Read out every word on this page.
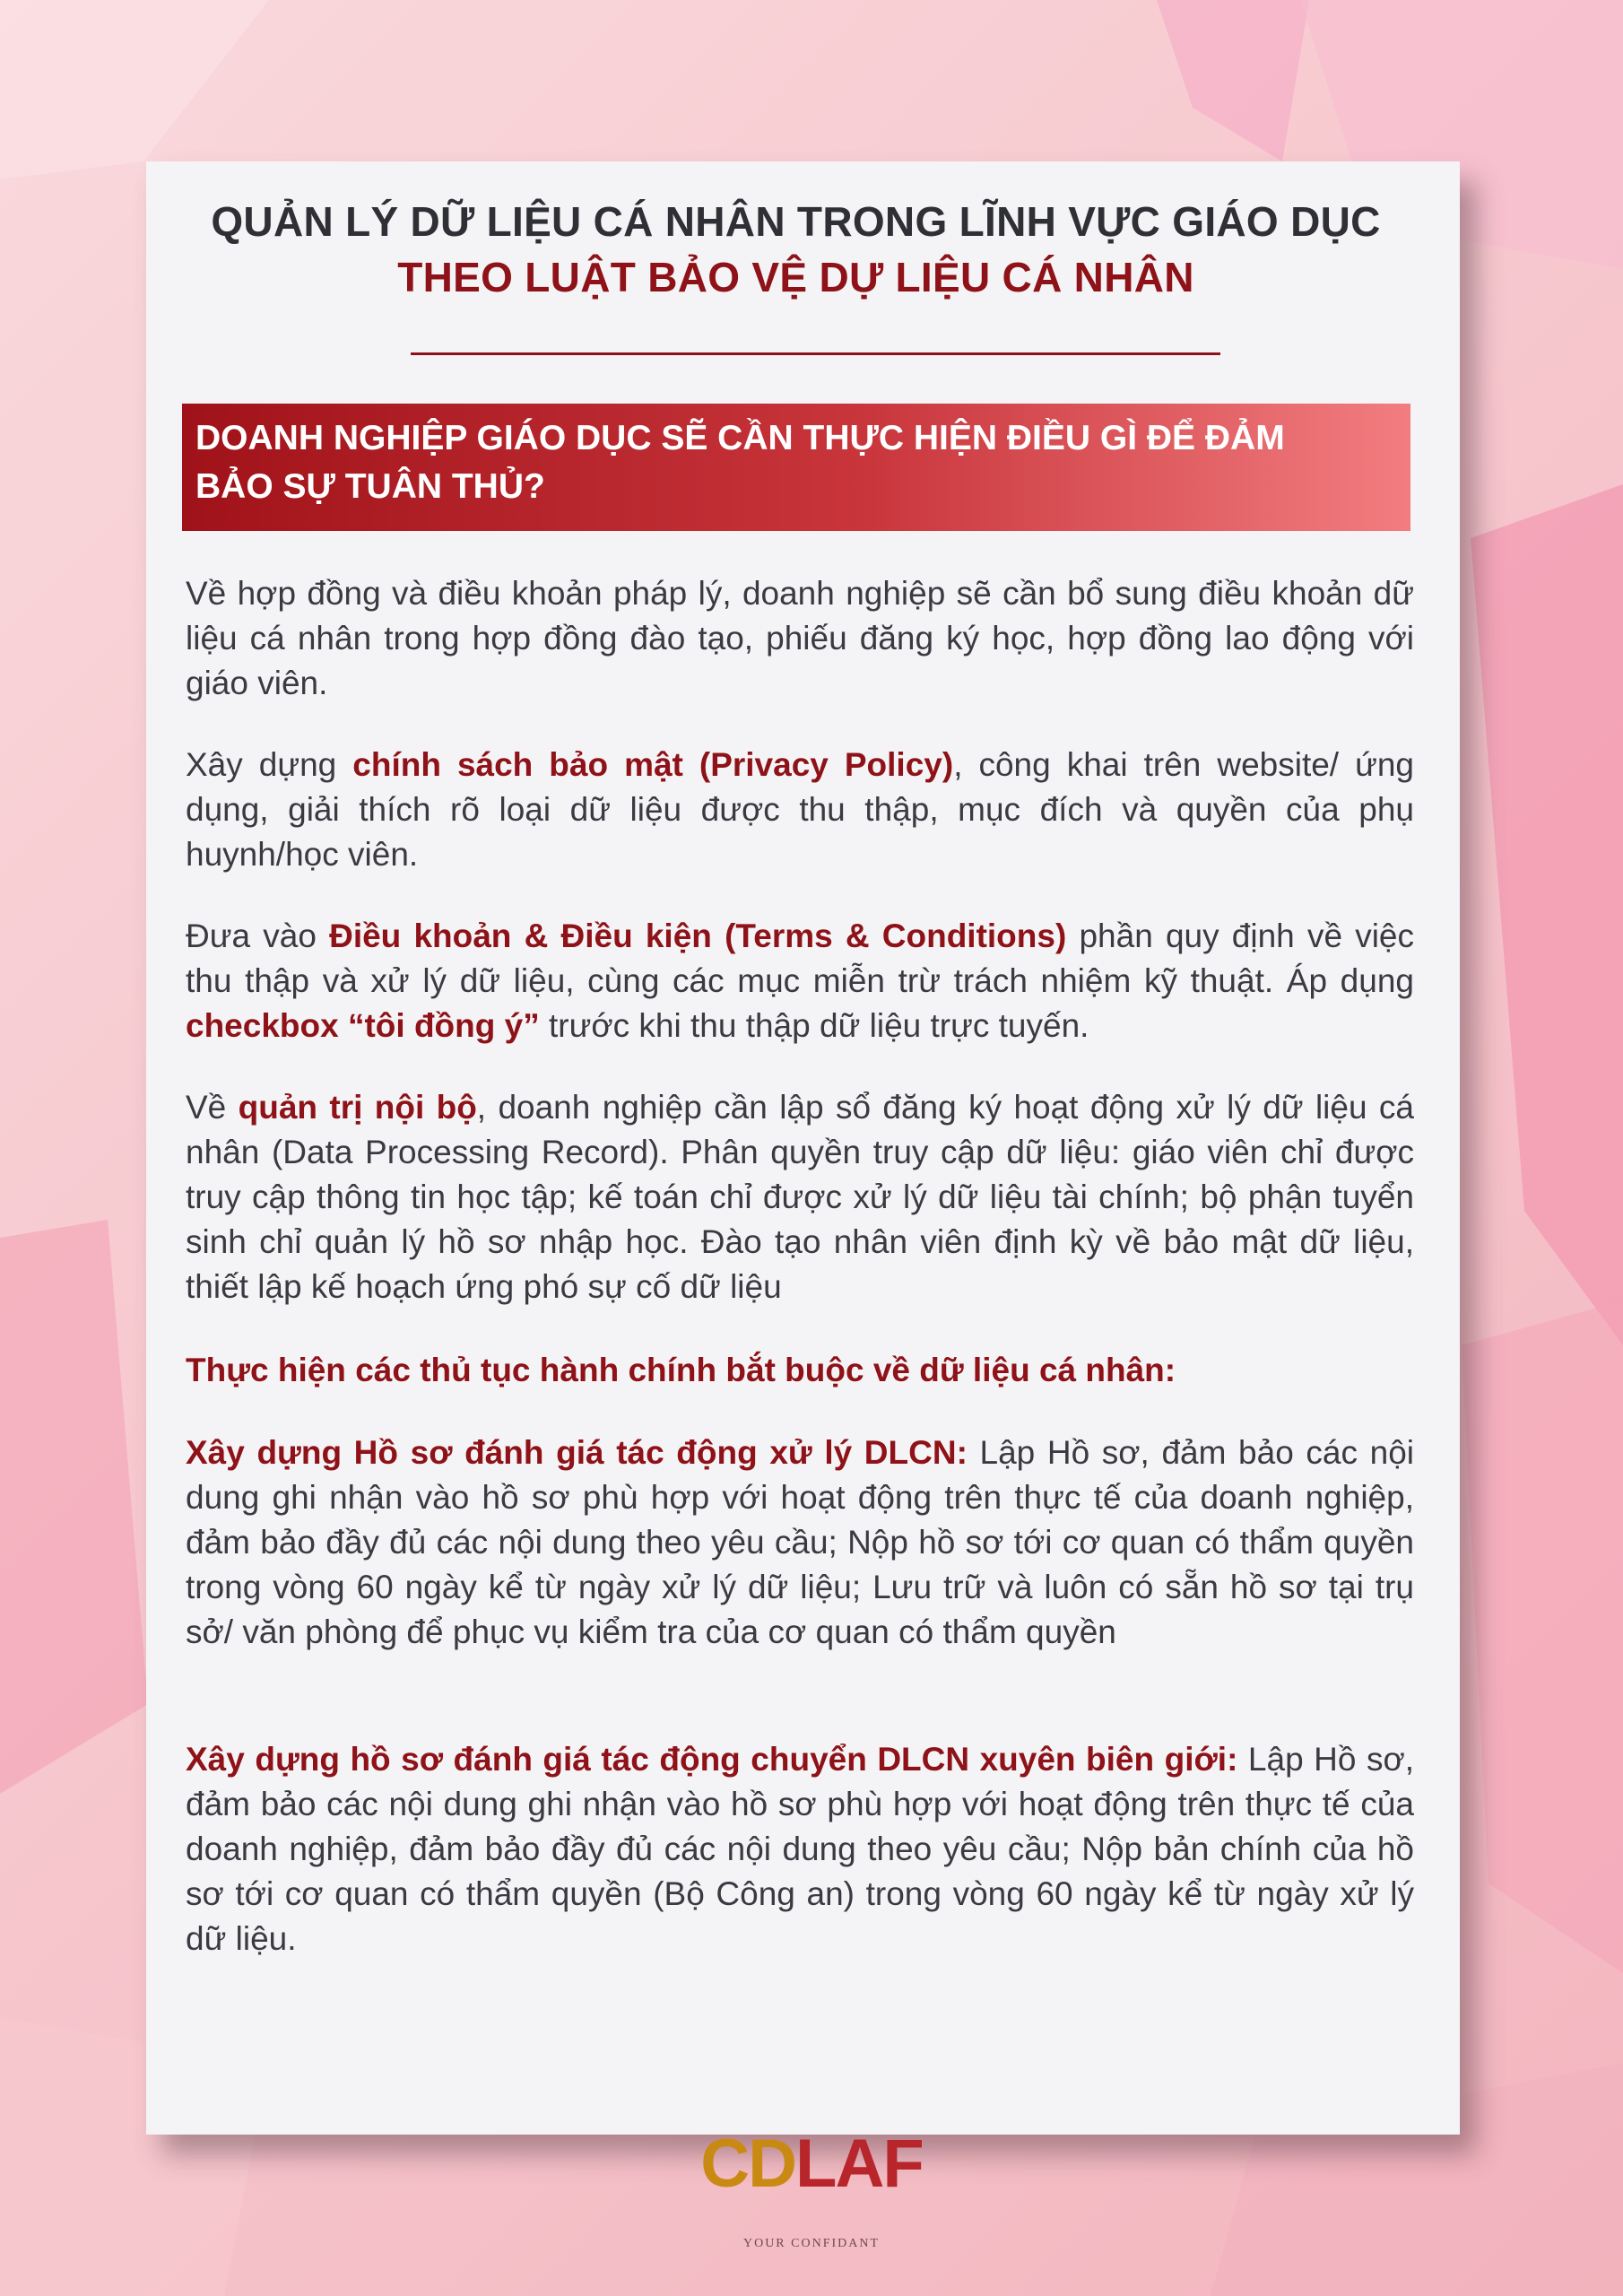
QUẢN LÝ DỮ LIỆU CÁ NHÂN TRONG LĨNH VỰC GIÁO DỤC
THEO LUẬT BẢO VỆ DỰ LIỆU CÁ NHÂN
DOANH NGHIỆP GIÁO DỤC SẼ CẦN THỰC HIỆN ĐIỀU GÌ ĐỂ ĐẢM
BẢO SỰ TUÂN THỦ?
Về hợp đồng và điều khoản pháp lý, doanh nghiệp sẽ cần bổ sung điều khoản dữ liệu cá nhân trong hợp đồng đào tạo, phiếu đăng ký học, hợp đồng lao động với giáo viên.
Xây dựng chính sách bảo mật (Privacy Policy), công khai trên website/ ứng dụng, giải thích rõ loại dữ liệu được thu thập, mục đích và quyền của phụ huynh/học viên.
Đưa vào Điều khoản & Điều kiện (Terms & Conditions) phần quy định về việc thu thập và xử lý dữ liệu, cùng các mục miễn trừ trách nhiệm kỹ thuật. Áp dụng checkbox “tôi đồng ý” trước khi thu thập dữ liệu trực tuyến.
Về quản trị nội bộ, doanh nghiệp cần lập sổ đăng ký hoạt động xử lý dữ liệu cá nhân (Data Processing Record). Phân quyền truy cập dữ liệu: giáo viên chỉ được truy cập thông tin học tập; kế toán chỉ được xử lý dữ liệu tài chính; bộ phận tuyển sinh chỉ quản lý hồ sơ nhập học. Đào tạo nhân viên định kỳ về bảo mật dữ liệu, thiết lập kế hoạch ứng phó sự cố dữ liệu
Thực hiện các thủ tục hành chính bắt buộc về dữ liệu cá nhân:
Xây dựng Hồ sơ đánh giá tác động xử lý DLCN: Lập Hồ sơ, đảm bảo các nội dung ghi nhận vào hồ sơ phù hợp với hoạt động trên thực tế của doanh nghiệp, đảm bảo đầy đủ các nội dung theo yêu cầu; Nộp hồ sơ tới cơ quan có thẩm quyền trong vòng 60 ngày kể từ ngày xử lý dữ liệu; Lưu trữ và luôn có sẵn hồ sơ tại trụ sở/ văn phòng để phục vụ kiểm tra của cơ quan có thẩm quyền
Xây dựng hồ sơ đánh giá tác động chuyển DLCN xuyên biên giới: Lập Hồ sơ, đảm bảo các nội dung ghi nhận vào hồ sơ phù hợp với hoạt động trên thực tế của doanh nghiệp, đảm bảo đầy đủ các nội dung theo yêu cầu; Nộp bản chính của hồ sơ tới cơ quan có thẩm quyền (Bộ Công an) trong vòng 60 ngày kể từ ngày xử lý dữ liệu.
CDLAF
YOUR CONFIDANT
